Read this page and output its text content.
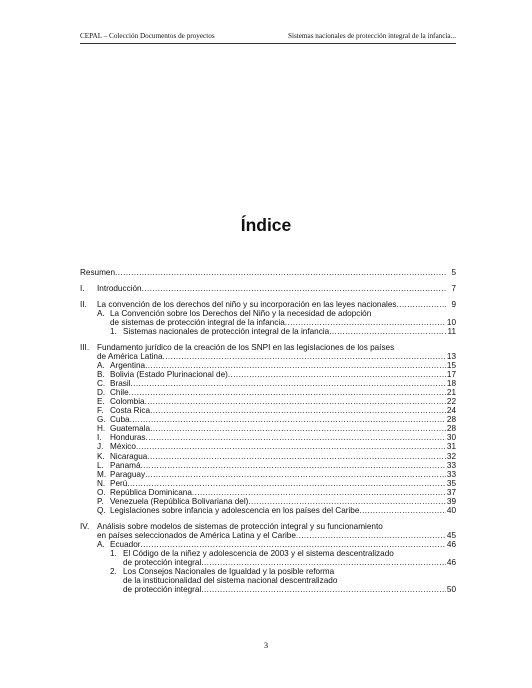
CEPAL – Colección Documentos de proyectos	Sistemas nacionales de protección integral de la infancia...
Índice
Resumen .....	5
I.	Introducción .....	7
II.	La convención de los derechos del niño y su incorporación en las leyes nacionales .....	9
A. La Convención sobre los Derechos del Niño y la necesidad de adopción
de sistemas de protección integral de la infancia .....	10
1. Sistemas nacionales de protección integral de la infancia .....	11
III. Fundamento jurídico de la creación de los SNPI en las legislaciones de los países
de América Latina .....	13
A. Argentina .....	15
B. Bolivia (Estado Plurinacional de) .....	17
C. Brasil .....	18
D. Chile .....	21
E. Colombia .....	22
F. Costa Rica .....	24
G. Cuba .....	28
H. Guatemala .....	28
I.	Honduras .....	30
J. México .....	31
K. Nicaragua .....	32
L. Panamá .....	33
M. Paraguay .....	33
N. Perú .....	35
O. República Dominicana .....	37
P. Venezuela (República Bolivariana del) .....	39
Q. Legislaciones sobre infancia y adolescencia en los países del Caribe .....	40
IV. Análisis sobre modelos de sistemas de protección integral y su funcionamiento
en países seleccionados de América Latina y el Caribe .....	45
A. Ecuador .....	46
1. El Código de la niñez y adolescencia de 2003 y el sistema descentralizado
de protección integral .....	46
2. Los Consejos Nacionales de Igualdad y la posible reforma
de la institucionalidad del sistema nacional descentralizado
de protección integral .....	50
3
